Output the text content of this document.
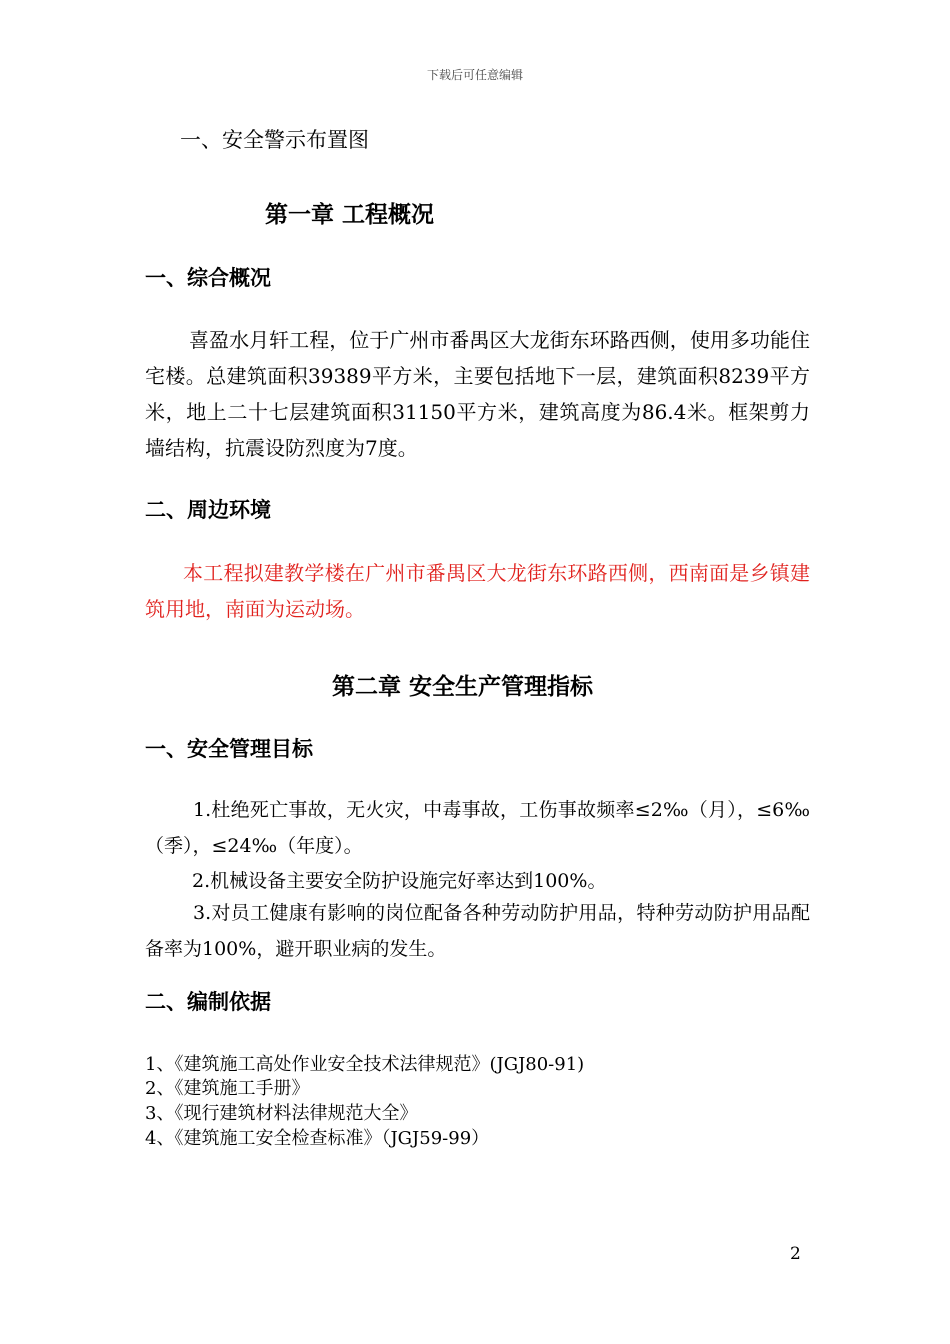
下载后可任意编辑
一、安全警示布置图
第一章 工程概况
一、综合概况
喜盈水月轩工程，位于广州市番禺区大龙街东环路西侧，使用多功能住宅楼。总建筑面积39389平方米，主要包括地下一层，建筑面积8239平方米，地上二十七层建筑面积31150平方米，建筑高度为86.4米。框架剪力墙结构，抗震设防烈度为7度。
二、周边环境
本工程拟建教学楼在广州市番禺区大龙街东环路西侧，西南面是乡镇建筑用地，南面为运动场。
第二章 安全生产管理指标
一、安全管理目标
1.杜绝死亡事故，无火灾，中毒事故，工伤事故频率≤2‰（月），≤6‰（季），≤24‰（年度）。
2.机械设备主要安全防护设施完好率达到100%。
3.对员工健康有影响的岗位配备各种劳动防护用品，特种劳动防护用品配备率为100%，避开职业病的发生。
二、编制依据
1、《建筑施工高处作业安全技术法律规范》(JGJ80-91)
2、《建筑施工手册》
3、《现行建筑材料法律规范大全》
4、《建筑施工安全检查标准》（JGJ59-99）
2
